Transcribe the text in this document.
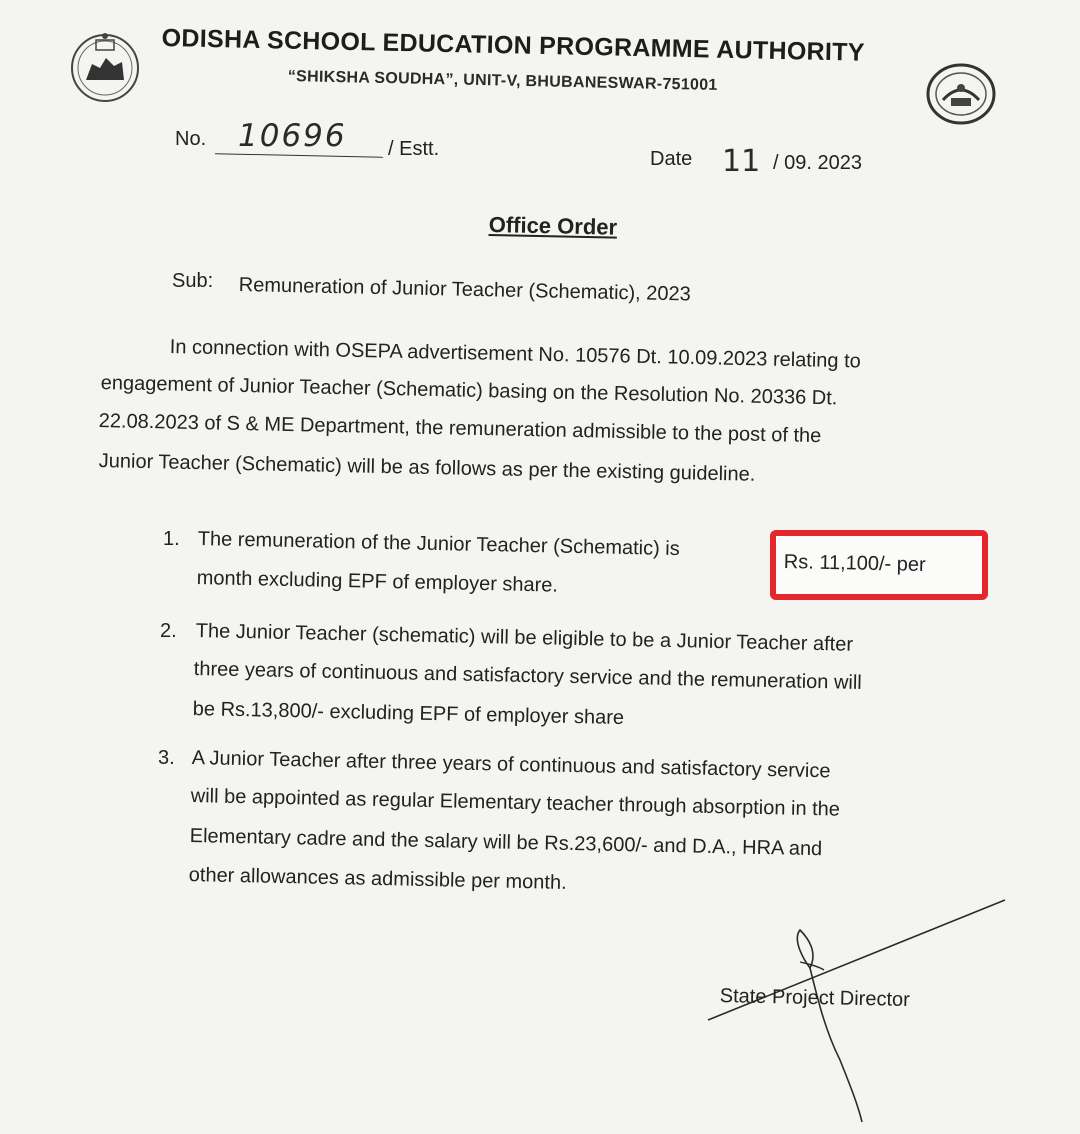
ODISHA SCHOOL EDUCATION PROGRAMME AUTHORITY
“SHIKSHA SOUDHA”, UNIT-V, BHUBANESWAR-751001
No. 10696 / Estt.	Date 11 / 09. 2023
Office Order
Sub: Remuneration of Junior Teacher (Schematic), 2023
In connection with OSEPA advertisement No. 10576 Dt. 10.09.2023 relating to
engagement of Junior Teacher (Schematic) basing on the Resolution No. 20336 Dt.
22.08.2023 of S & ME Department, the remuneration admissible to the post of the
Junior Teacher (Schematic) will be as follows as per the existing guideline.
1. The remuneration of the Junior Teacher (Schematic) is
Rs. 11,100/- per
month excluding EPF of employer share.
2. The Junior Teacher (schematic) will be eligible to be a Junior Teacher after
three years of continuous and satisfactory service and the remuneration will
be Rs.13,800/- excluding EPF of employer share
3. A Junior Teacher after three years of continuous and satisfactory service
will be appointed as regular Elementary teacher through absorption in the
Elementary cadre and the salary will be Rs.23,600/- and D.A., HRA and
other allowances as admissible per month.
State Project Director
